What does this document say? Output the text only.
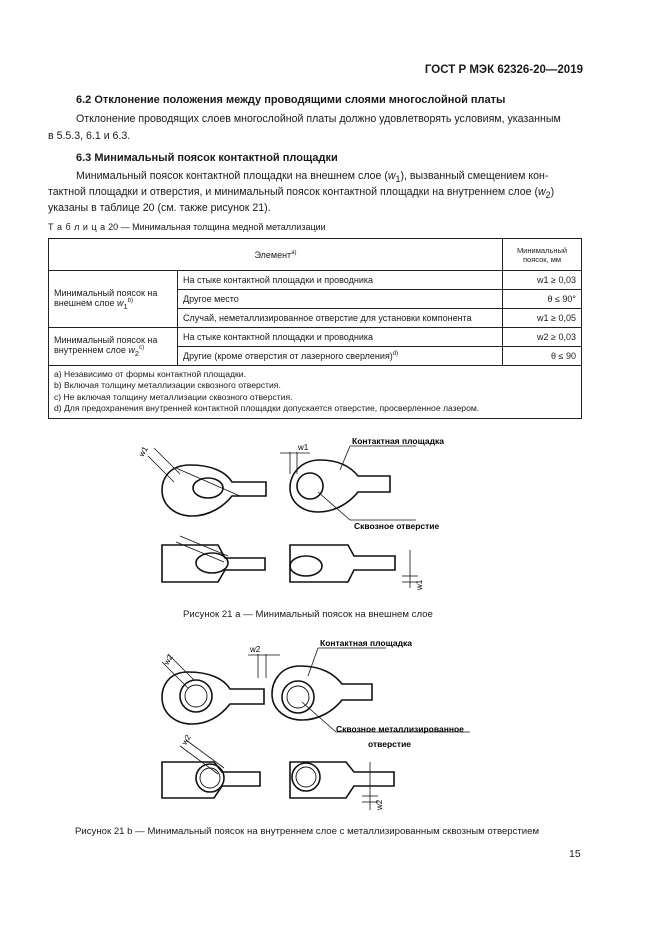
ГОСТ Р МЭК 62326-20—2019
6.2 Отклонение положения между проводящими слоями многослойной платы
Отклонение проводящих слоев многослойной платы должно удовлетворять условиям, указанным
в 5.5.3, 6.1 и 6.3.
6.3 Минимальный поясок контактной площадки
Минимальный поясок контактной площадки на внешнем слое $(w_1)$, вызванный смещением кон-
тактной площадки и отверстия, и минимальный поясок контактной площадки на внутреннем слое $(w_2)$
указаны в таблице 20 (см. также рисунок 21).
Т а б л и ц а 20 — Минимальная толщина медной металлизации
Элемент$^{a)}$		Минимальный
поясок, мм

Минимальный поясок на
внешнем слое $w_1^{b)}$	На стыке контактной площадки и проводника	w1 ≥ 0,03
	Другое место	θ ≤ 90°
	Случай, неметаллизированное отверстие для установки компонента	w1 ≥ 0,05

Минимальный поясок на
внутреннем слое $w_2^{c)}$	На стыке контактной площадки и проводника	w2 ≥ 0,03
	Другие (кроме отверстия от лазерного сверления)$^{d)}$	θ ≤ 90

a) Независимо от формы контактной площадки.
b) Включая толщину металлизации сквозного отверстия.
c) Не включая толщину металлизации сквозного отверстия.
d) Для предохранения внутренней контактной площадки допускается отверстие, просверленное лазером.		
w1	w1
Контактная площадка
Сквозное отверстие
w1
Рисунок 21 a — Минимальный поясок на внешнем слое
w2
w2
Контактная площадка
Сквозное металлизированное
отверстие
w2
w2
Рисунок 21 b — Минимальный поясок на внутреннем слое с металлизированным сквозным отверстием
15
